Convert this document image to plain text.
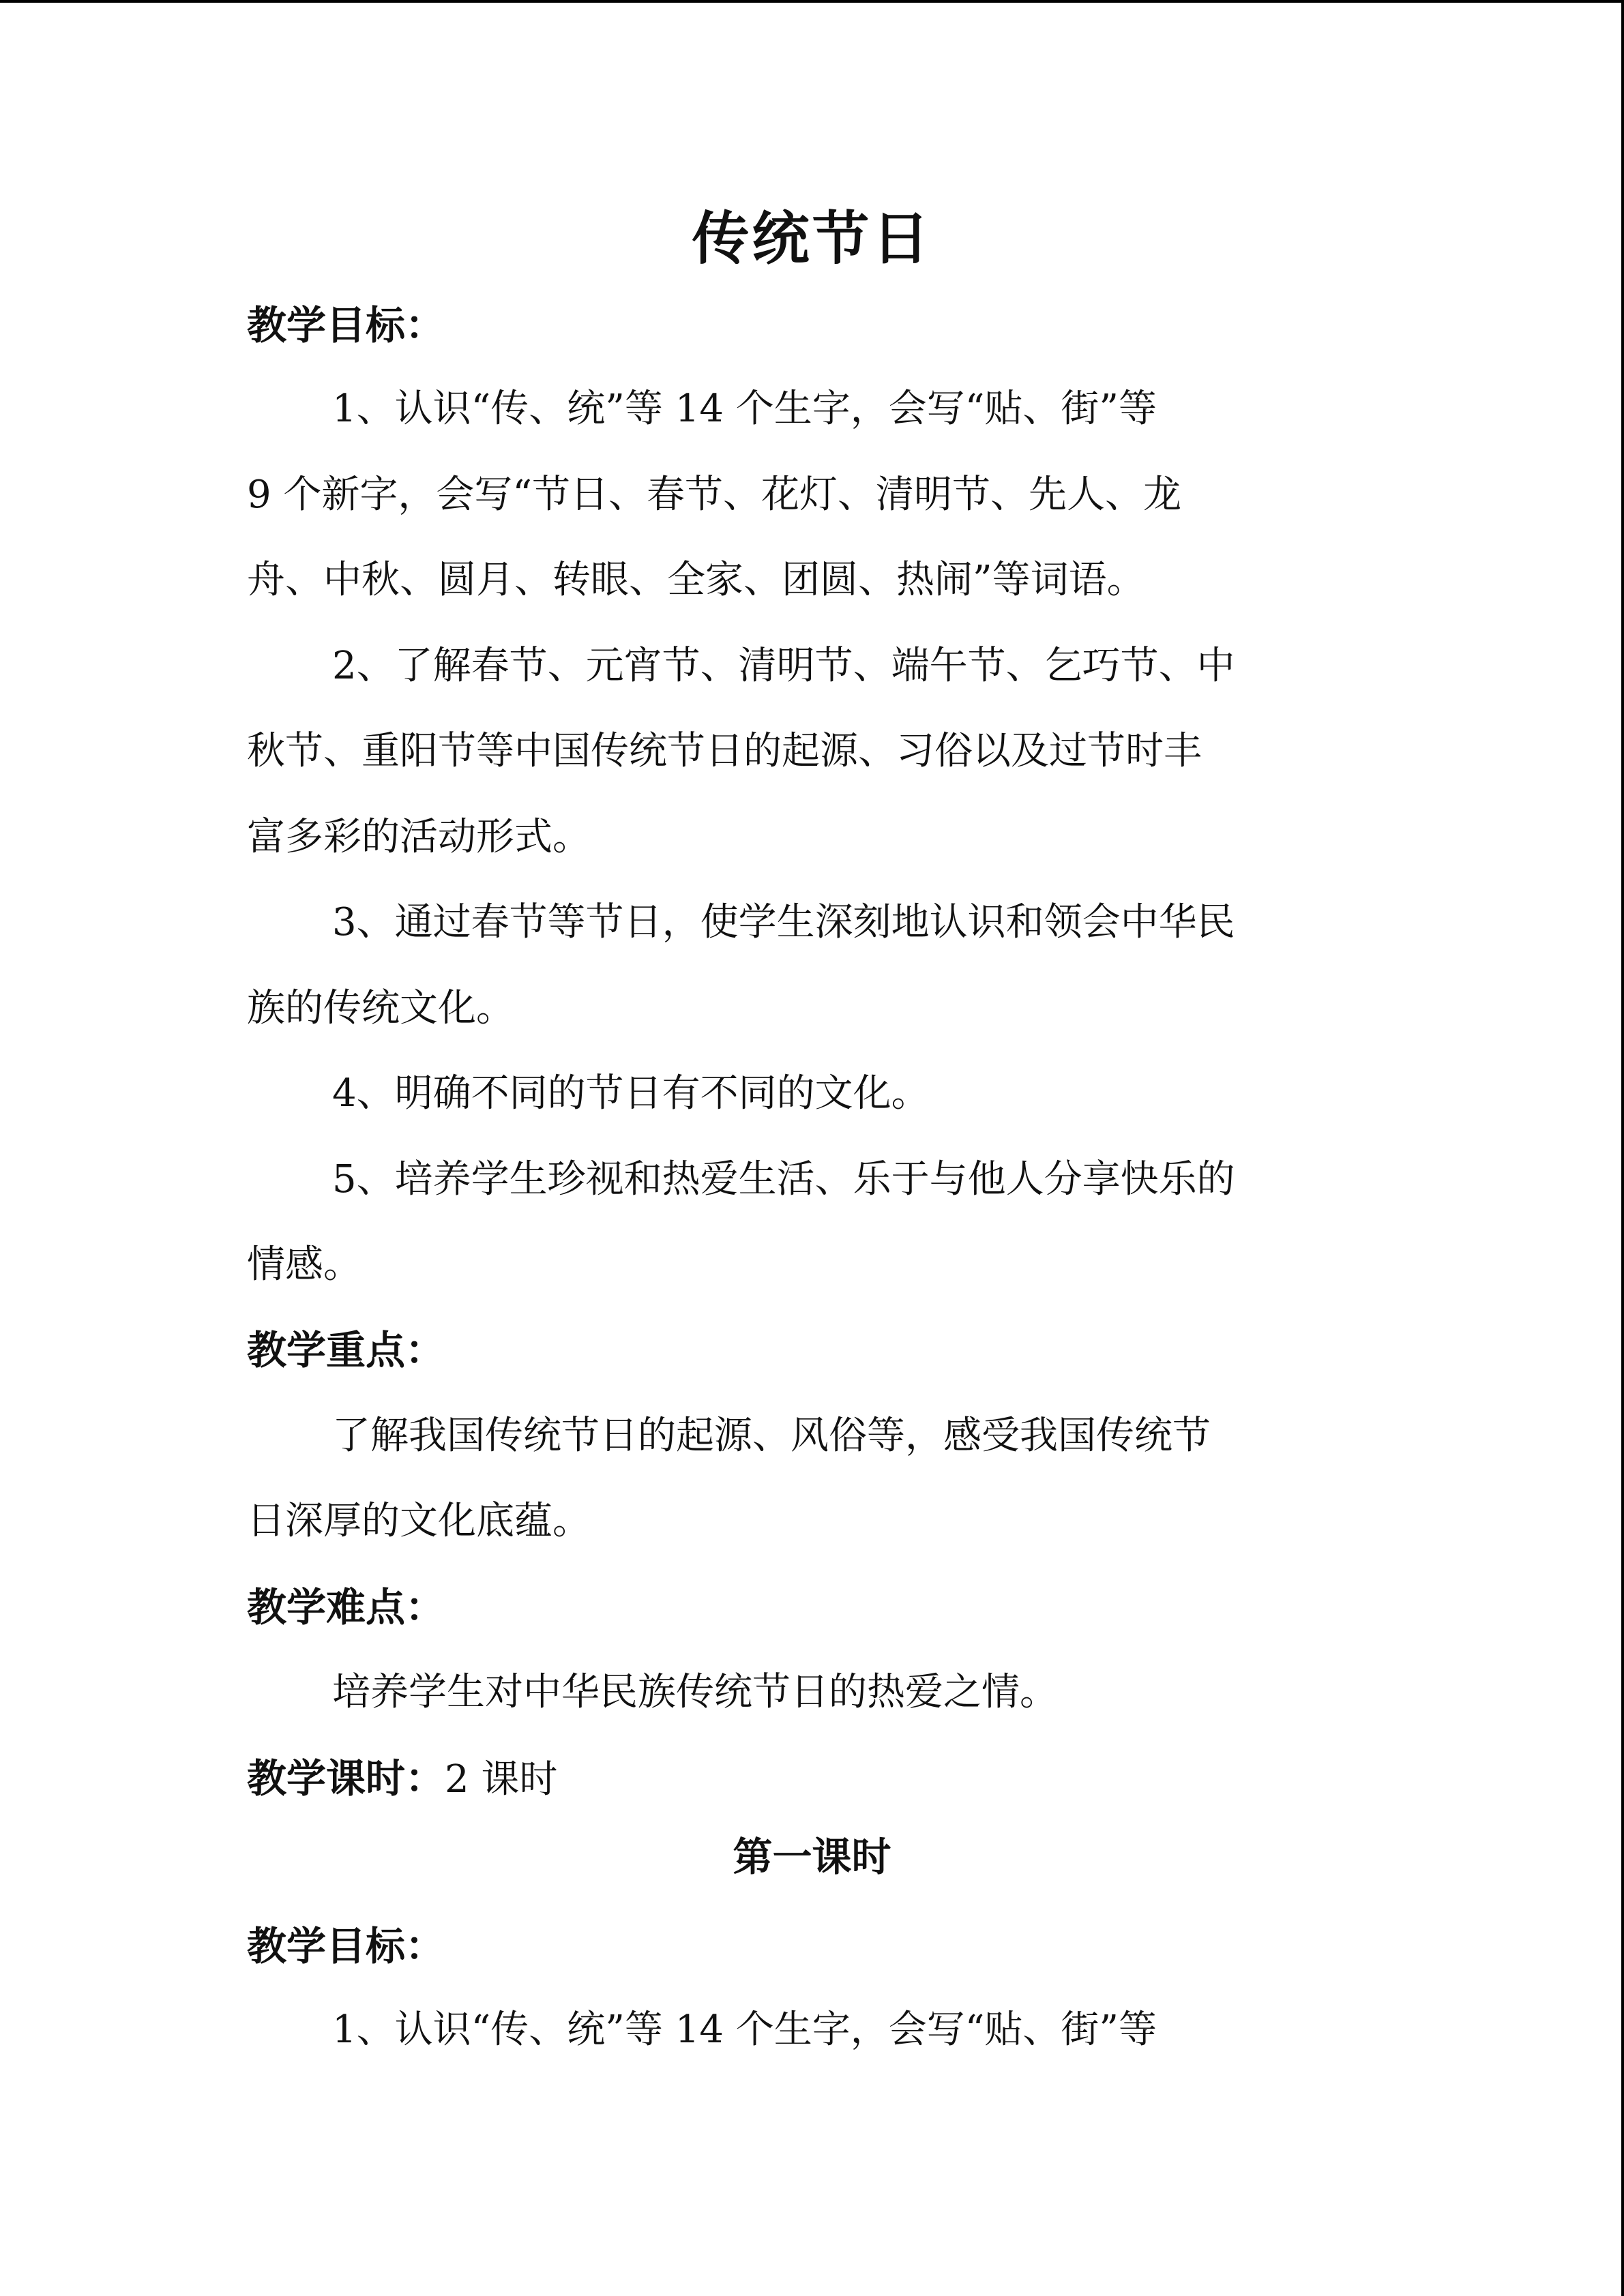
传统节日
教学目标：
1、认识“传、统”等 14 个生字，会写“贴、街”等
9 个新字，会写“节日、春节、花灯、清明节、先人、龙
舟、中秋、圆月、转眼、全家、团圆、热闹”等词语。
2、了解春节、元宵节、清明节、端午节、乞巧节、中
秋节、重阳节等中国传统节日的起源、习俗以及过节时丰
富多彩的活动形式。
3、通过春节等节日，使学生深刻地认识和领会中华民
族的传统文化。
4、明确不同的节日有不同的文化。
5、培养学生珍视和热爱生活、乐于与他人分享快乐的
情感。
教学重点：
了解我国传统节日的起源、风俗等，感受我国传统节
日深厚的文化底蕴。
教学难点：
培养学生对中华民族传统节日的热爱之情。
教学课时：2 课时
第一课时
教学目标：
1、认识“传、统”等 14 个生字，会写“贴、街”等
